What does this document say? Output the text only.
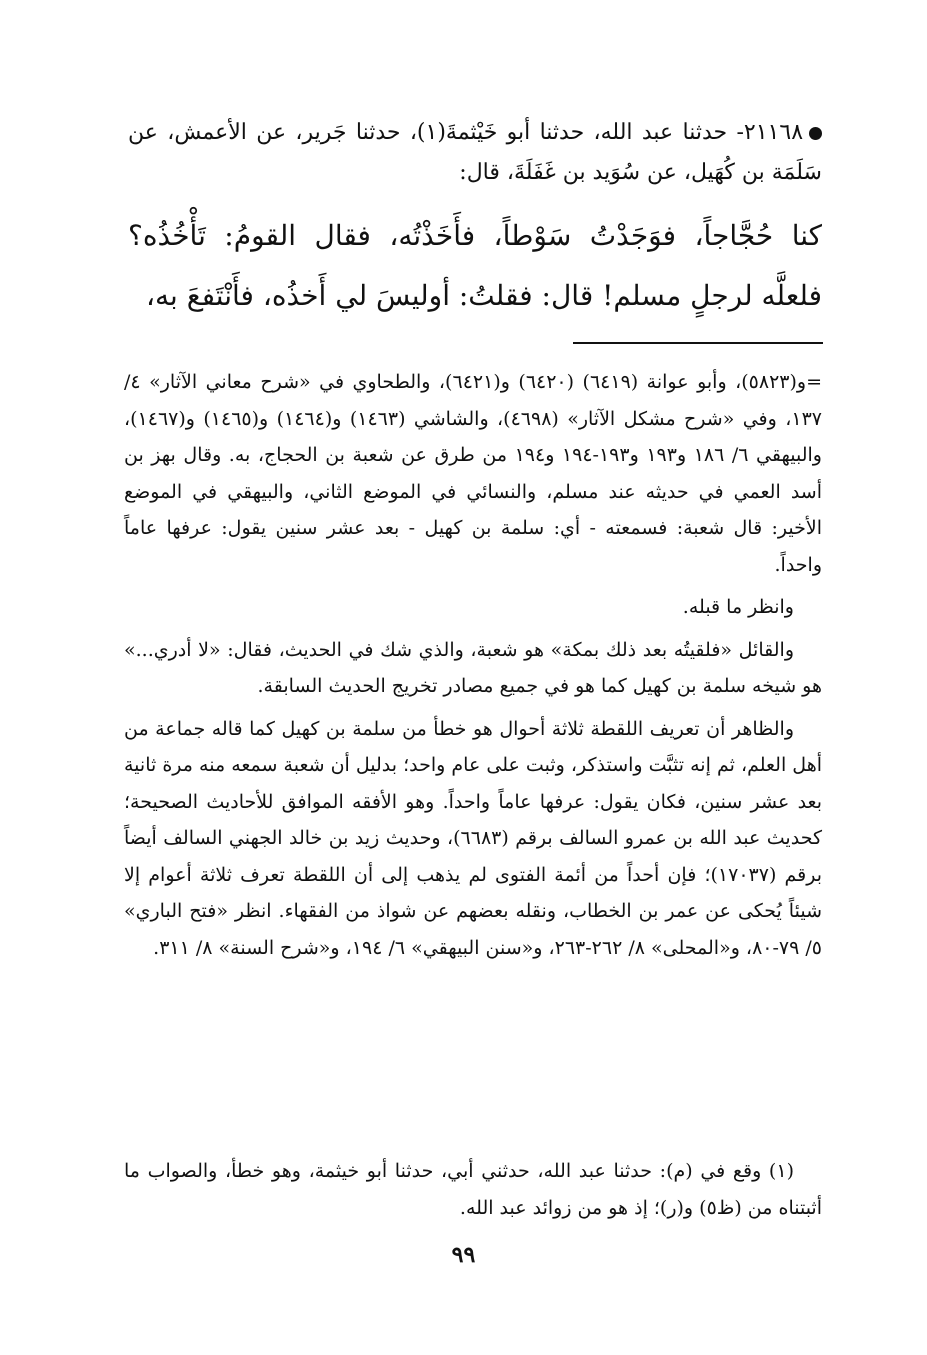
٢١١٦٨- حدثنا عبد الله، حدثنا أبو خَيْثمةَ(١)، حدثنا جَرير، عن الأعمش، عن سَلَمَة بن كُهَيل، عن سُوَيد بن غَفَلَةَ، قال:

كنا حُجَّاجاً، فوَجَدْتُ سَوْطاً، فأَخَذْتُه، فقال القومُ: تَأْخُذُه؟ فلعلَّه لرجلٍ مسلم! قال: فقلتُ: أوليسَ لي أَخذُه، فأَنْتَفعَ به،

=و(٥٨٢٣)، وأبو عوانة (٦٤١٩) (٦٤٢٠) و(٦٤٢١)، والطحاوي في «شرح معاني الآثار» ٤/ ١٣٧، وفي «شرح مشكل الآثار» (٤٦٩٨)، والشاشي (١٤٦٣) و(١٤٦٤) و(١٤٦٥) و(١٤٦٧)، والبيهقي ٦/ ١٨٦ و١٩٣ و١٩٣-١٩٤ و١٩٤ من طرق عن شعبة بن الحجاج، به. وقال بهز بن أسد العمي في حديثه عند مسلم، والنسائي في الموضع الثاني، والبيهقي في الموضع الأخير: قال شعبة: فسمعته - أي: سلمة بن كهيل - بعد عشر سنين يقول: عرفها عاماً واحداً.

وانظر ما قبله.

والقائل «فلقيتُه بعد ذلك بمكة» هو شعبة، والذي شك في الحديث، فقال: «لا أدري...» هو شيخه سلمة بن كهيل كما هو في جميع مصادر تخريج الحديث السابقة.

والظاهر أن تعريف اللقطة ثلاثة أحوال هو خطأ من سلمة بن كهيل كما قاله جماعة من أهل العلم، ثم إنه تثبَّت واستذكر، وثبت على عام واحد؛ بدليل أن شعبة سمعه منه مرة ثانية بعد عشر سنين، فكان يقول: عرفها عاماً واحداً. وهو الأفقه الموافق للأحاديث الصحيحة؛ كحديث عبد الله بن عمرو السالف برقم (٦٦٨٣)، وحديث زيد بن خالد الجهني السالف أيضاً برقم (١٧٠٣٧)؛ فإن أحداً من أئمة الفتوى لم يذهب إلى أن اللقطة تعرف ثلاثة أعوام إلا شيئاً يُحكى عن عمر بن الخطاب، ونقله بعضهم عن شواذ من الفقهاء. انظر «فتح الباري» ٥/ ٧٩-٨٠، و«المحلى» ٨/ ٢٦٢-٢٦٣، و«سنن البيهقي» ٦/ ١٩٤، و«شرح السنة» ٨/ ٣١١.

(١) وقع في (م): حدثنا عبد الله، حدثني أبي، حدثنا أبو خيثمة، وهو خطأ، والصواب ما أثبتناه من (ظ٥) و(ر)؛ إذ هو من زوائد عبد الله.

٩٩
